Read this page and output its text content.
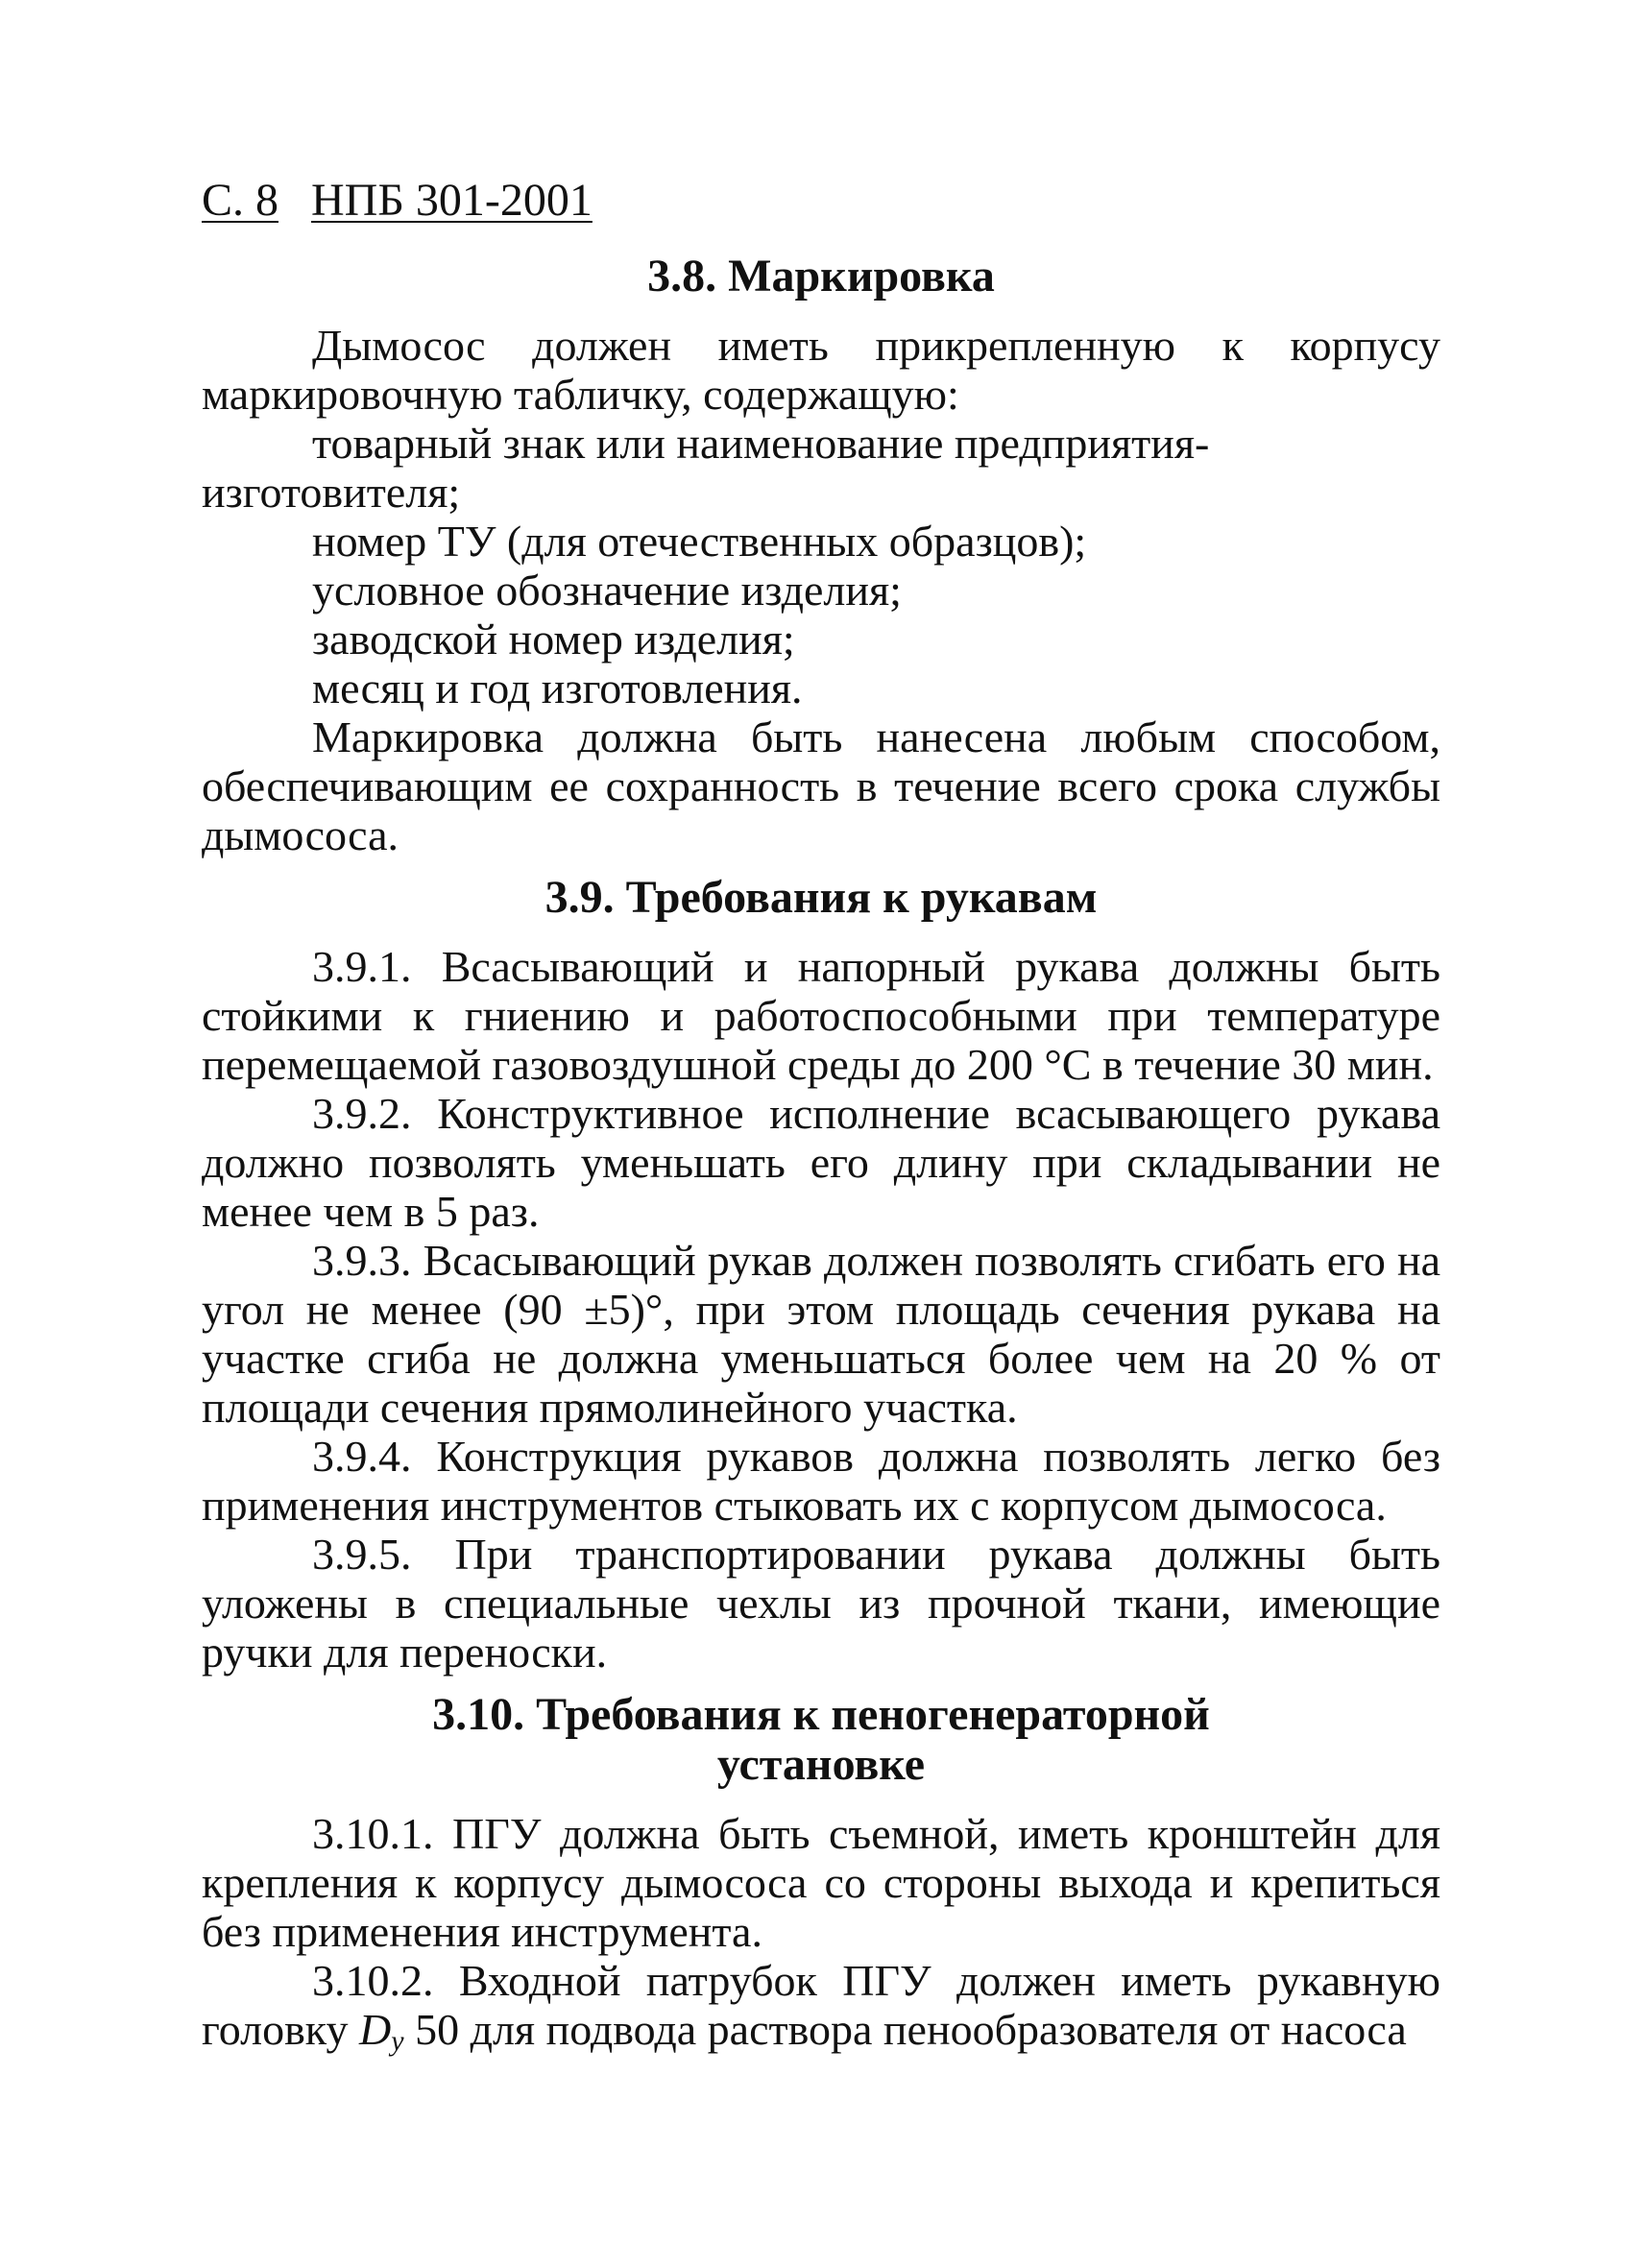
С. 8 НПБ 301-2001
3.8. Маркировка

Дымосос должен иметь прикрепленную к корпусу маркировочную табличку, содержащую:

товарный знак или наименование предприятия-изготовителя;

номер ТУ (для отечественных образцов);

условное обозначение изделия;

заводской номер изделия;

месяц и год изготовления.

Маркировка должна быть нанесена любым способом, обеспечивающим ее сохранность в течение всего срока службы дымососа.

3.9. Требования к рукавам

3.9.1. Всасывающий и напорный рукава должны быть стойкими к гниению и работоспособными при температуре перемещаемой газовоздушной среды до 200 °С в течение 30 мин.

3.9.2. Конструктивное исполнение всасывающего рукава должно позволять уменьшать его длину при складывании не менее чем в 5 раз.

3.9.3. Всасывающий рукав должен позволять сгибать его на угол не менее (90 ±5)°, при этом площадь сечения рукава на участке сгиба не должна уменьшаться более чем на 20 % от площади сечения прямолинейного участка.

3.9.4. Конструкция рукавов должна позволять легко без применения инструментов стыковать их с корпусом дымососа.

3.9.5. При транспортировании рукава должны быть уложены в специальные чехлы из прочной ткани, имеющие ручки для переноски.

3.10. Требования к пеногенераторной
установке

3.10.1. ПГУ должна быть съемной, иметь кронштейн для крепления к корпусу дымососа со стороны выхода и крепиться без применения инструмента.

3.10.2. Входной патрубок ПГУ должен иметь рукавную головку $D_y$ 50 для подвода раствора пенообразователя от насоса
